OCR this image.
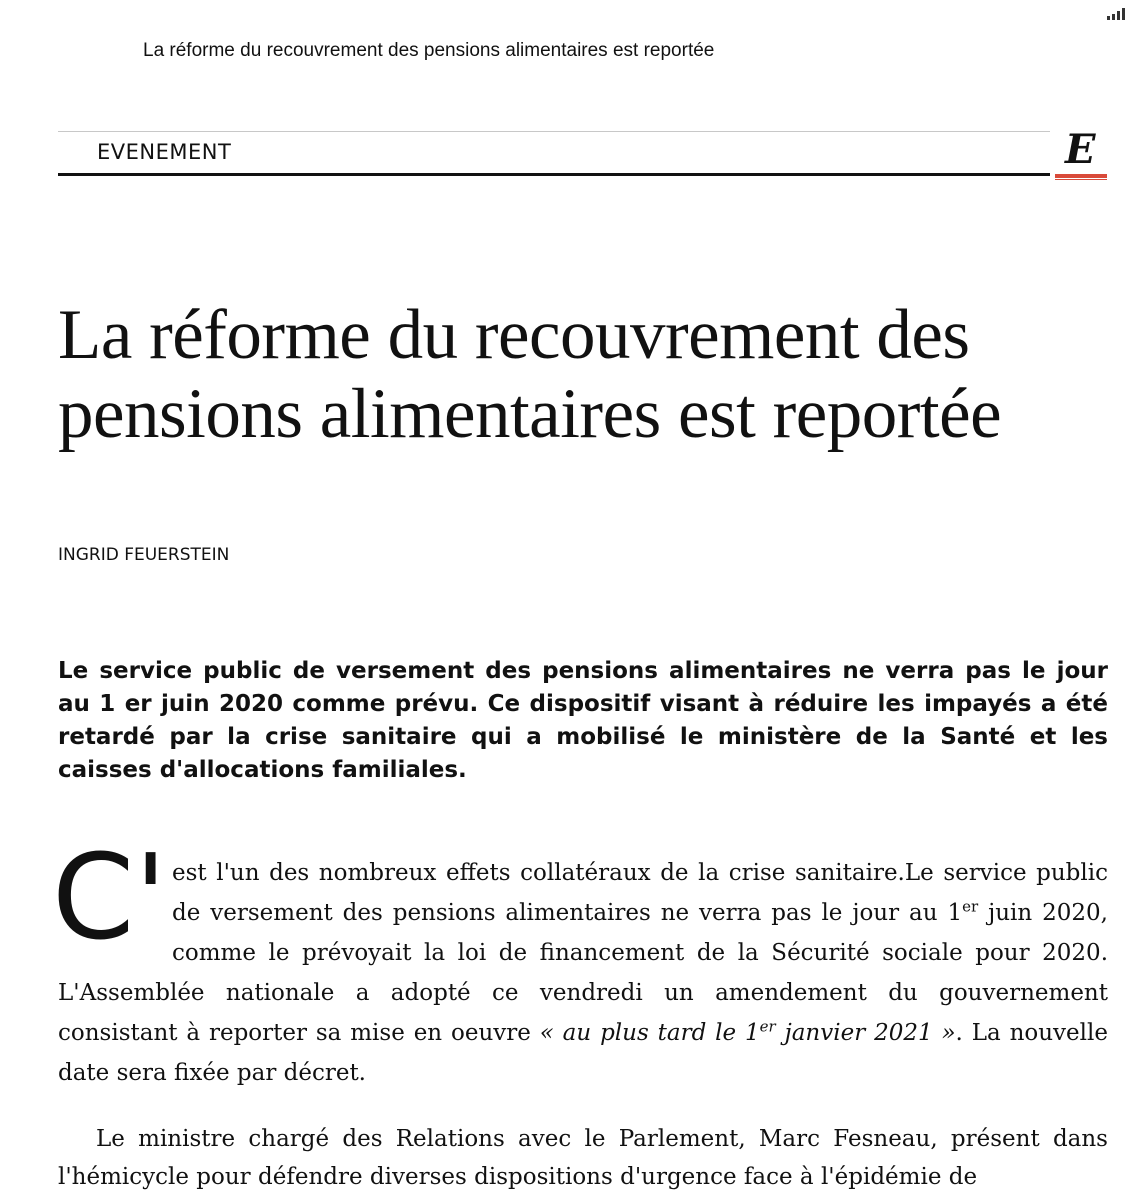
La réforme du recouvrement des pensions alimentaires est reportée
EVENEMENT	E
La réforme du recouvrement des pensions alimentaires est reportée
INGRID FEUERSTEIN

Le service public de versement des pensions alimentaires ne verra pas le jour au 1 er juin 2020 comme prévu. Ce dispositif visant à réduire les impayés a été retardé par la crise sanitaire qui a mobilisé le ministère de la Santé et les caisses d'allocations familiales.

C' est l'un des nombreux effets collatéraux de la crise sanitaire.Le service public de versement des pensions alimentaires ne verra pas le jour au 1er juin 2020, comme le prévoyait la loi de financement de la Sécurité sociale pour 2020. L'Assemblée nationale a adopté ce vendredi un amendement du gouvernement consistant à reporter sa mise en oeuvre « au plus tard le 1er janvier 2021 ». La nouvelle date sera fixée par décret.

Le ministre chargé des Relations avec le Parlement, Marc Fesneau, présent dans l'hémicycle pour défendre diverses dispositions d'urgence face à l'épidémie de
